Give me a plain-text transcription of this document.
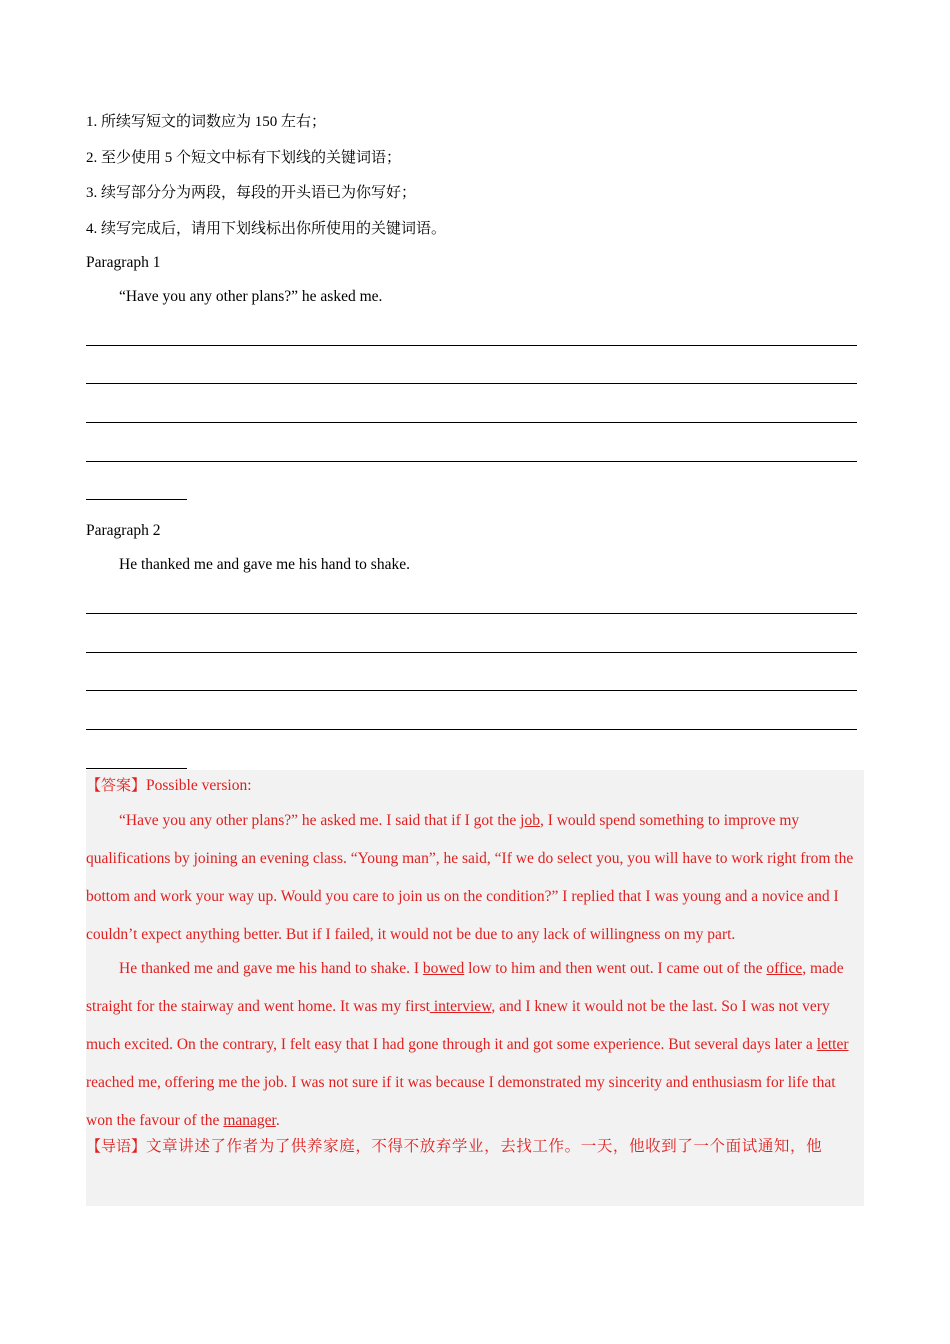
1. 所续写短文的词数应为 150 左右；
2. 至少使用 5 个短文中标有下划线的关键词语；
3. 续写部分分为两段，每段的开头语已为你写好；
4. 续写完成后，请用下划线标出你所使用的关键词语。
Paragraph 1
“Have you any other plans?” he asked me.
Paragraph 2
He thanked me and gave me his hand to shake.

【答案】Possible version:

“Have you any other plans?” he asked me. I said that if I got the job, I would spend something to improve my qualifications by joining an evening class. “Young man”, he said, “If we do select you, you will have to work right from the bottom and work your way up. Would you care to join us on the condition?” I replied that I was young and a novice and I couldn’t expect anything better. But if I failed, it would not be due to any lack of willingness on my part.

He thanked me and gave me his hand to shake. I bowed low to him and then went out. I came out of the office, made straight for the stairway and went home. It was my first interview, and I knew it would not be the last. So I was not very much excited. On the contrary, I felt easy that I had gone through it and got some experience. But several days later a letter reached me, offering me the job. I was not sure if it was because I demonstrated my sincerity and enthusiasm for life that won the favour of the manager.

【导语】文章讲述了作者为了供养家庭，不得不放弃学业，去找工作。一天，他收到了一个面试通知，他
